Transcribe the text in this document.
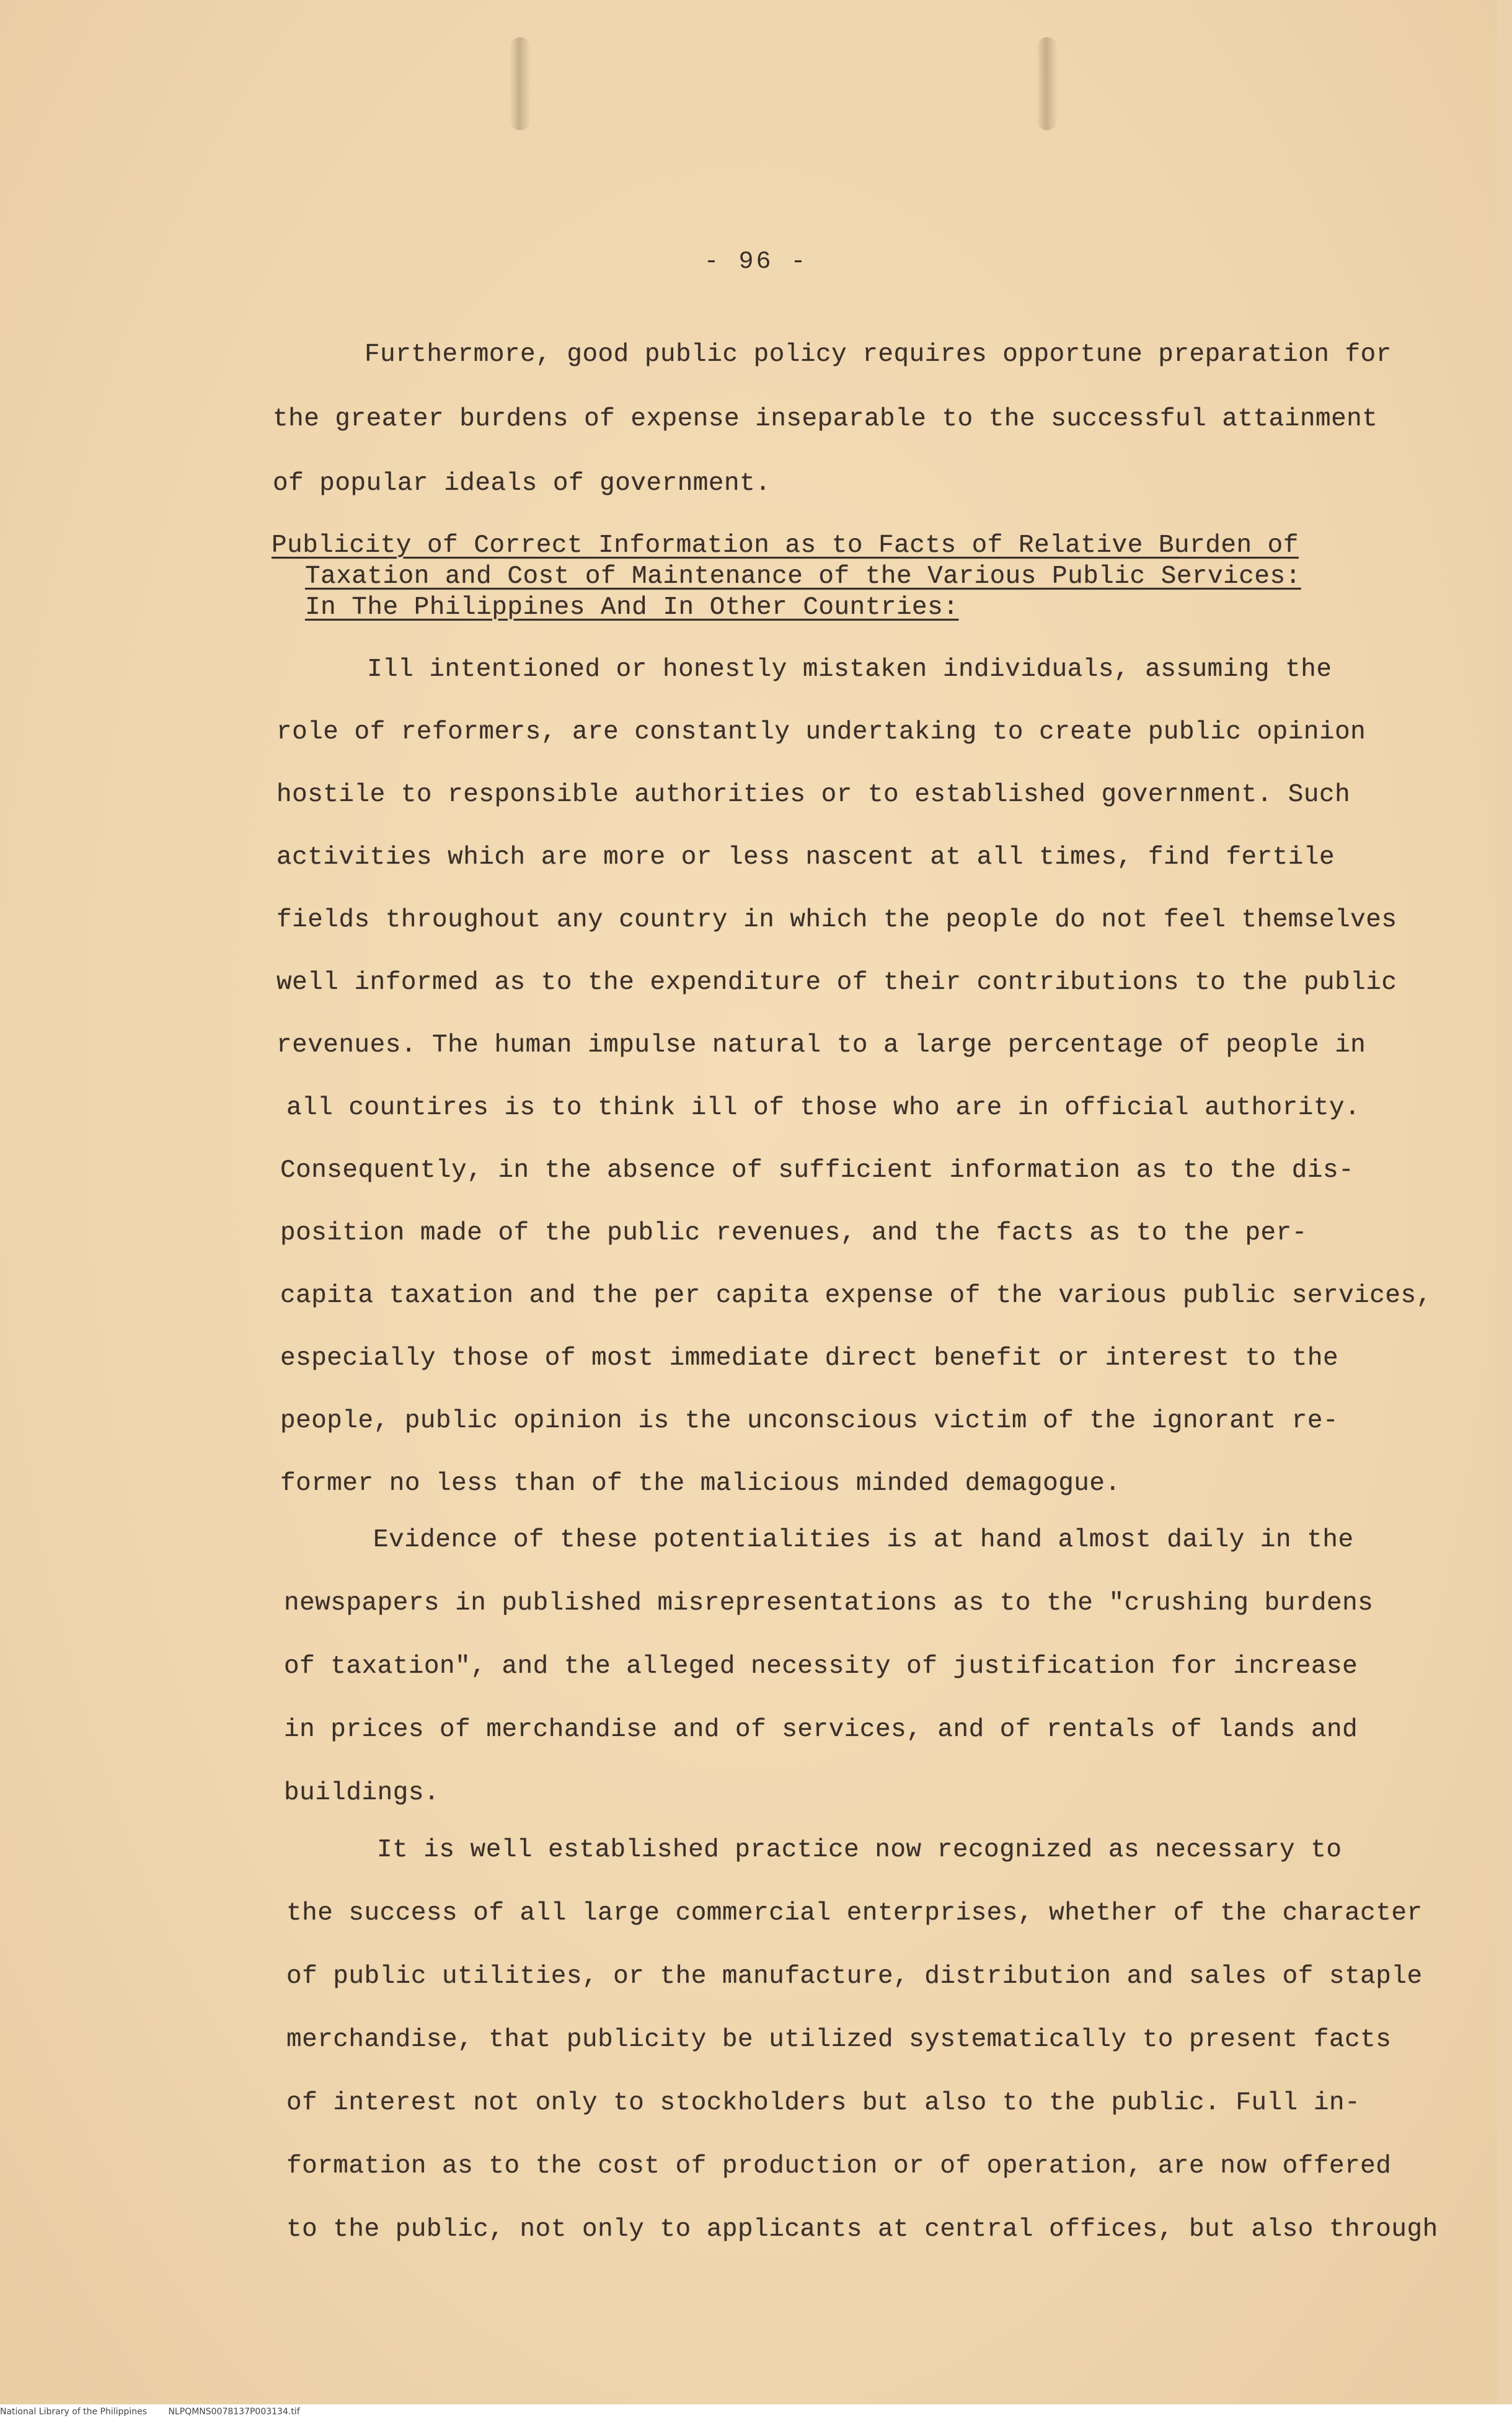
- 96 -
Furthermore, good public policy requires opportune preparation for
the greater burdens of expense inseparable to the successful attainment
of popular ideals of government.
Publicity of Correct Information as to Facts of Relative Burden of
Taxation and Cost of Maintenance of the Various Public Services:
In The Philippines And In Other Countries:
Ill intentioned or honestly mistaken individuals, assuming the
role of reformers, are constantly undertaking to create public opinion
hostile to responsible authorities or to established government. Such
activities which are more or less nascent at all times, find fertile
fields throughout any country in which the people do not feel themselves
well informed as to the expenditure of their contributions to the public
revenues. The human impulse natural to a large percentage of people in
all countires is to think ill of those who are in official authority.
Consequently, in the absence of sufficient information as to the dis-
position made of the public revenues, and the facts as to the per-
capita taxation and the per capita expense of the various public services,
especially those of most immediate direct benefit or interest to the
people, public opinion is the unconscious victim of the ignorant re-
former no less than of the malicious minded demagogue.
Evidence of these potentialities is at hand almost daily in the
newspapers in published misrepresentations as to the "crushing burdens
of taxation", and the alleged necessity of justification for increase
in prices of merchandise and of services, and of rentals of lands and
buildings.
It is well established practice now recognized as necessary to
the success of all large commercial enterprises, whether of the character
of public utilities, or the manufacture, distribution and sales of staple
merchandise, that publicity be utilized systematically to present facts
of interest not only to stockholders but also to the public. Full in-
formation as to the cost of production or of operation, are now offered
to the public, not only to applicants at central offices, but also through
National Library of the Philippines NLPQMNS0078137P003134.tif
